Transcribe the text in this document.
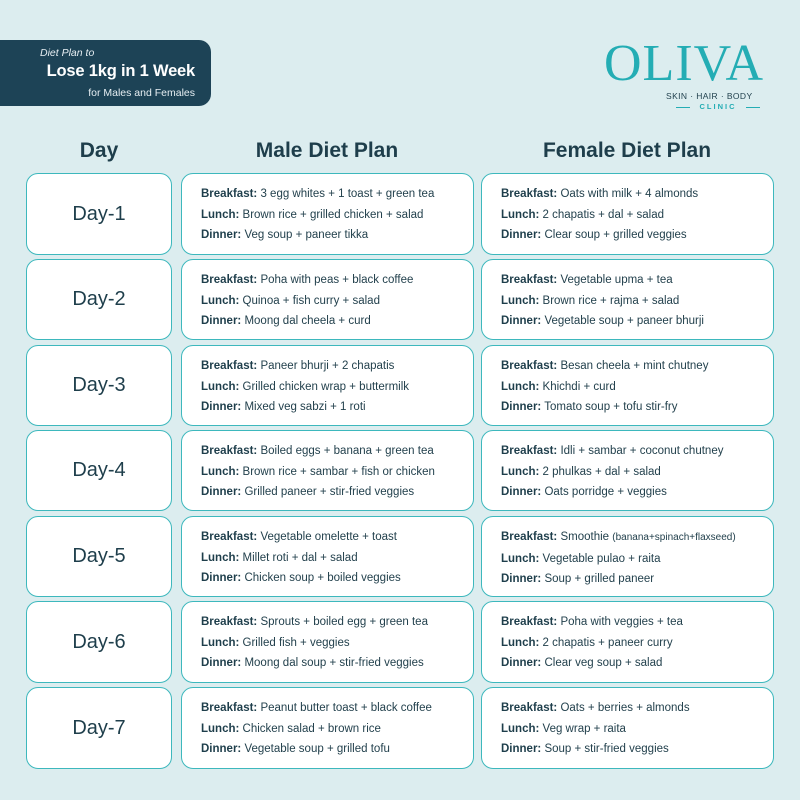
Diet Plan to
Lose 1kg in 1 Week
for Males and Females
OLIVA
SKIN · HAIR · BODY
CLINIC
Day	Male Diet Plan	Female Diet Plan
Day-1
Breakfast: 3 egg whites + 1 toast + green tea
Lunch: Brown rice + grilled chicken + salad
Dinner: Veg soup + paneer tikka
Breakfast: Oats with milk + 4 almonds
Lunch: 2 chapatis + dal + salad
Dinner: Clear soup + grilled veggies
Day-2
Breakfast: Poha with peas + black coffee
Lunch: Quinoa + fish curry + salad
Dinner: Moong dal cheela + curd
Breakfast: Vegetable upma + tea
Lunch: Brown rice + rajma + salad
Dinner: Vegetable soup + paneer bhurji
Day-3
Breakfast: Paneer bhurji + 2 chapatis
Lunch: Grilled chicken wrap + buttermilk
Dinner: Mixed veg sabzi + 1 roti
Breakfast: Besan cheela + mint chutney
Lunch: Khichdi + curd
Dinner: Tomato soup + tofu stir-fry
Day-4
Breakfast: Boiled eggs + banana + green tea
Lunch: Brown rice + sambar + fish or chicken
Dinner: Grilled paneer + stir-fried veggies
Breakfast: Idli + sambar + coconut chutney
Lunch: 2 phulkas + dal + salad
Dinner: Oats porridge + veggies
Day-5
Breakfast: Vegetable omelette + toast
Lunch: Millet roti + dal + salad
Dinner: Chicken soup + boiled veggies
Breakfast: Smoothie (banana+spinach+flaxseed)
Lunch: Vegetable pulao + raita
Dinner: Soup + grilled paneer
Day-6
Breakfast: Sprouts + boiled egg + green tea
Lunch: Grilled fish + veggies
Dinner: Moong dal soup + stir-fried veggies
Breakfast: Poha with veggies + tea
Lunch: 2 chapatis + paneer curry
Dinner: Clear veg soup + salad
Day-7
Breakfast: Peanut butter toast + black coffee
Lunch: Chicken salad + brown rice
Dinner: Vegetable soup + grilled tofu
Breakfast: Oats + berries + almonds
Lunch: Veg wrap + raita
Dinner: Soup + stir-fried veggies
